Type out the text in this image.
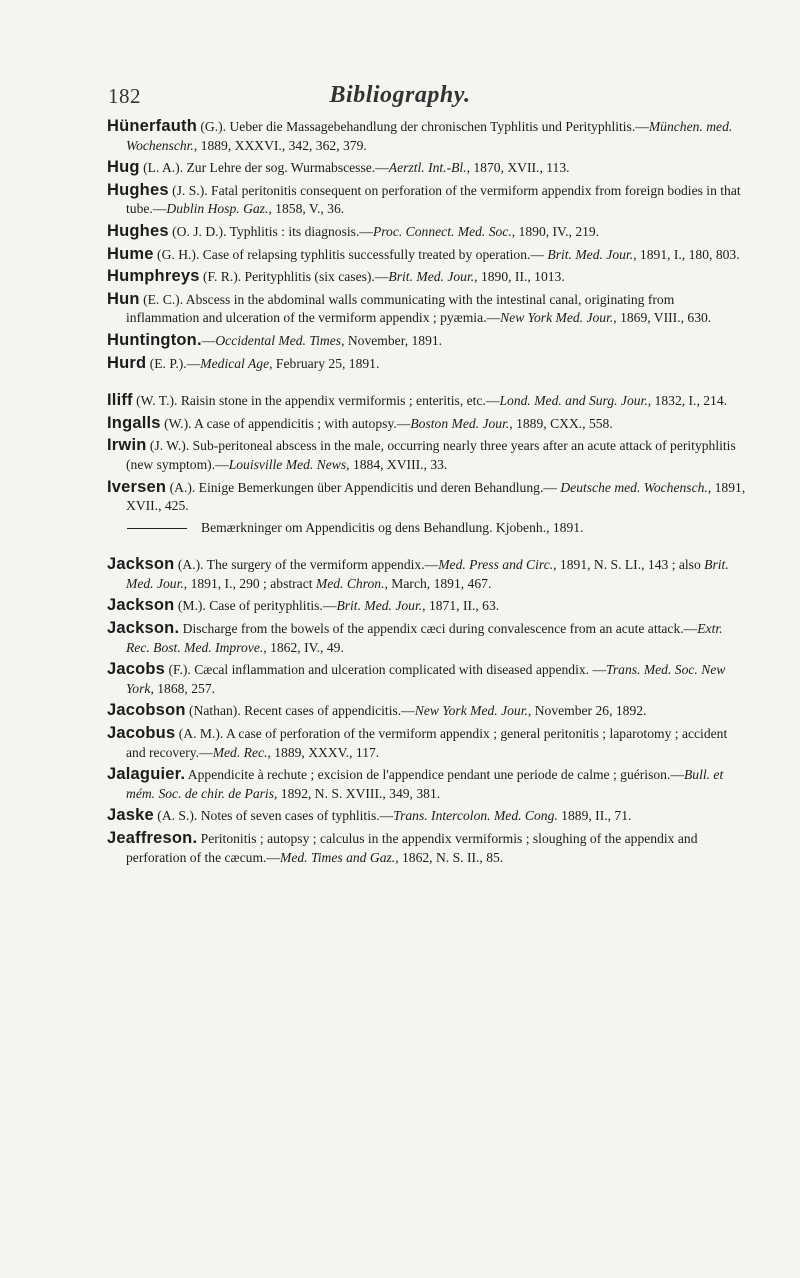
182	Bibliography.
Hünerfauth (G.). Ueber die Massagebehandlung der chronischen Typhlitis und Perityphlitis.—München. med. Wochenschr., 1889, XXXVI., 342, 362, 379.
Hug (L. A.). Zur Lehre der sog. Wurmabscesse.—Aerztl. Int.-Bl., 1870, XVII., 113.
Hughes (J. S.). Fatal peritonitis consequent on perforation of the vermiform appendix from foreign bodies in that tube.—Dublin Hosp. Gaz., 1858, V., 36.
Hughes (O. J. D.). Typhlitis : its diagnosis.—Proc. Connect. Med. Soc., 1890, IV., 219.
Hume (G. H.). Case of relapsing typhlitis successfully treated by operation.— Brit. Med. Jour., 1891, I., 180, 803.
Humphreys (F. R.). Perityphlitis (six cases).—Brit. Med. Jour., 1890, II., 1013.
Hun (E. C.). Abscess in the abdominal walls communicating with the intestinal canal, originating from inflammation and ulceration of the vermiform appendix ; pyæmia.—New York Med. Jour., 1869, VIII., 630.
Huntington.—Occidental Med. Times, November, 1891.
Hurd (E. P.).—Medical Age, February 25, 1891.
Iliff (W. T.). Raisin stone in the appendix vermiformis ; enteritis, etc.—Lond. Med. and Surg. Jour., 1832, I., 214.
Ingalls (W.). A case of appendicitis ; with autopsy.—Boston Med. Jour., 1889, CXX., 558.
Irwin (J. W.). Sub-peritoneal abscess in the male, occurring nearly three years after an acute attack of perityphlitis (new symptom).—Louisville Med. News, 1884, XVIII., 33.
Iversen (A.). Einige Bemerkungen über Appendicitis und deren Behandlung.— Deutsche med. Wochensch., 1891, XVII., 425.
Bemærkninger om Appendicitis og dens Behandlung. Kjobenh., 1891.
Jackson (A.). The surgery of the vermiform appendix.—Med. Press and Circ., 1891, N. S. LI., 143 ; also Brit. Med. Jour., 1891, I., 290 ; abstract Med. Chron., March, 1891, 467.
Jackson (M.). Case of perityphlitis.—Brit. Med. Jour., 1871, II., 63.
Jackson. Discharge from the bowels of the appendix cæci during convalescence from an acute attack.—Extr. Rec. Bost. Med. Improve., 1862, IV., 49.
Jacobs (F.). Cæcal inflammation and ulceration complicated with diseased appendix. —Trans. Med. Soc. New York, 1868, 257.
Jacobson (Nathan). Recent cases of appendicitis.—New York Med. Jour., November 26, 1892.
Jacobus (A. M.). A case of perforation of the vermiform appendix ; general peritonitis ; laparotomy ; accident and recovery.—Med. Rec., 1889, XXXV., 117.
Jalaguier. Appendicite à rechute ; excision de l'appendice pendant une periode de calme ; guérison.—Bull. et mém. Soc. de chir. de Paris, 1892, N. S. XVIII., 349, 381.
Jaske (A. S.). Notes of seven cases of typhlitis.—Trans. Intercolon. Med. Cong. 1889, II., 71.
Jeaffreson. Peritonitis ; autopsy ; calculus in the appendix vermiformis ; sloughing of the appendix and perforation of the cæcum.—Med. Times and Gaz., 1862, N. S. II., 85.
